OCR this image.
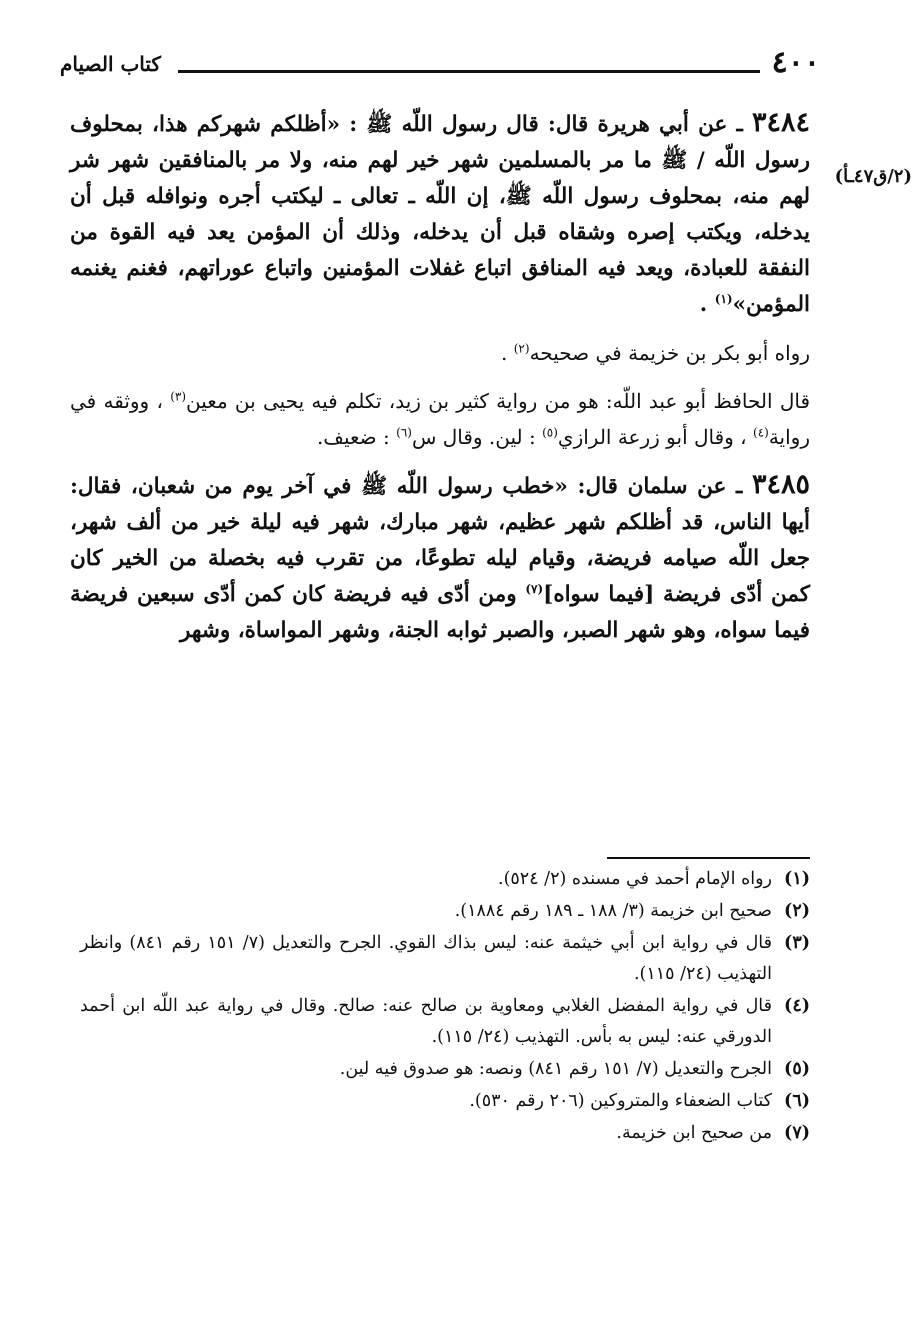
٤٠٠
كتاب الصيام
(٢/ق٤٧ـأ)

٣٤٨٤ ـ عن أبي هريرة قال: قال رسول اللّه ﷺ : «أظلكم شهركم هذا، بمحلوف رسول اللّه / ﷺ ما مر بالمسلمين شهر خير لهم منه، ولا مر بالمنافقين شهر شر لهم منه، بمحلوف رسول اللّه ﷺ، إن اللّه ـ تعالى ـ ليكتب أجره ونوافله قبل أن يدخله، ويكتب إصره وشقاه قبل أن يدخله، وذلك أن المؤمن يعد فيه القوة من النفقة للعبادة، ويعد فيه المنافق اتباع غفلات المؤمنين واتباع عوراتهم، فغنم يغنمه المؤمن»$^{(١)}$ .

رواه أبو بكر بن خزيمة في صحيحه$^{(٢)}$ .

قال الحافظ أبو عبد اللّه: هو من رواية كثير بن زيد، تكلم فيه يحيى بن معين$^{(٣)}$ ، ووثقه في رواية$^{(٤)}$ ، وقال أبو زرعة الرازي$^{(٥)}$ : لين. وقال س$^{(٦)}$ : ضعيف.

٣٤٨٥ ـ عن سلمان قال: «خطب رسول اللّه ﷺ في آخر يوم من شعبان، فقال: أيها الناس، قد أظلكم شهر عظيم، شهر مبارك، شهر فيه ليلة خير من ألف شهر، جعل اللّه صيامه فريضة، وقيام ليله تطوعًا، من تقرب فيه بخصلة من الخير كان كمن أدّى فريضة [فيما سواه]$^{(٧)}$ ومن أدّى فيه فريضة كان كمن أدّى سبعين فريضة فيما سواه، وهو شهر الصبر، والصبر ثوابه الجنة، وشهر المواساة، وشهر

(١)
رواه الإمام أحمد في مسنده (٢/ ٥٢٤).

(٢)
صحيح ابن خزيمة (٣/ ١٨٨ ـ ١٨٩ رقم ١٨٨٤).

(٣)
قال في رواية ابن أبي خيثمة عنه: ليس بذاك القوي. الجرح والتعديل (٧/ ١٥١ رقم ٨٤١) وانظر التهذيب (٢٤/ ١١٥).

(٤)
قال في رواية المفضل الغلابي ومعاوية بن صالح عنه: صالح. وقال في رواية عبد اللّه ابن أحمد الدورقي عنه: ليس به بأس. التهذيب (٢٤/ ١١٥).

(٥)
الجرح والتعديل (٧/ ١٥١ رقم ٨٤١) ونصه: هو صدوق فيه لين.

(٦)
كتاب الضعفاء والمتروكين (٢٠٦ رقم ٥٣٠).

(٧)
من صحيح ابن خزيمة.
